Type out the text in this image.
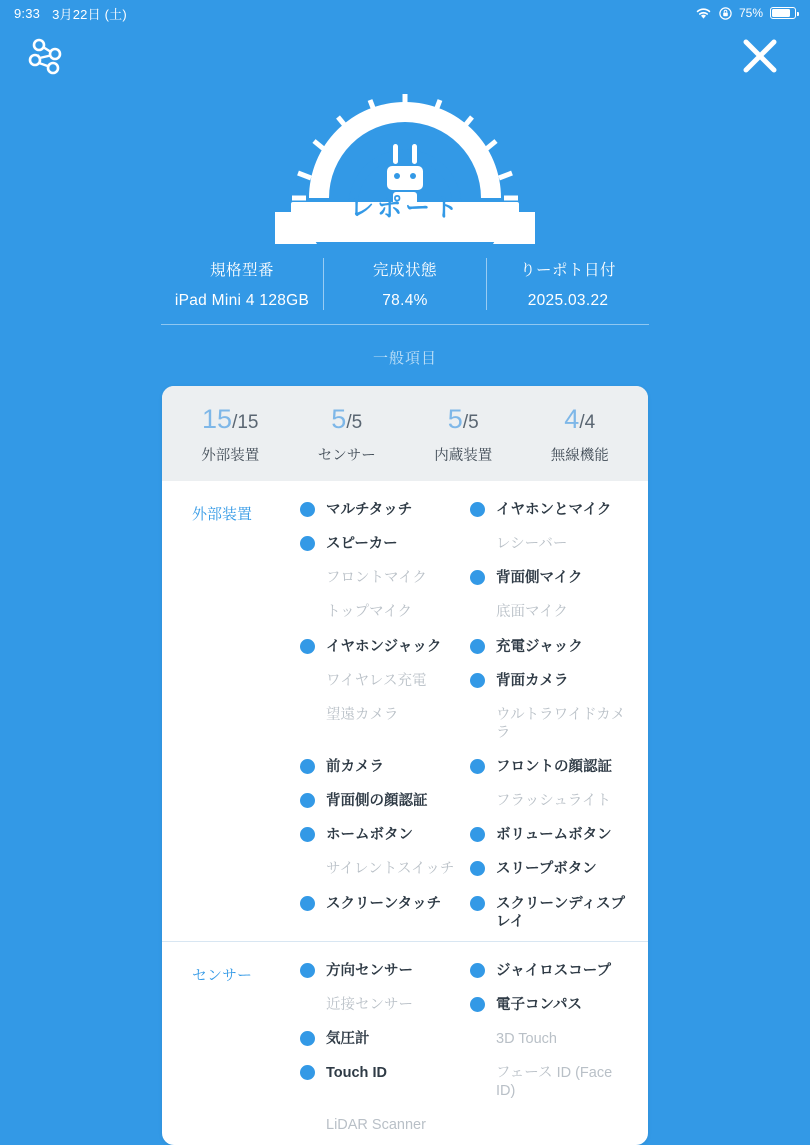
9:33 3月22日 (土)	75%
レポート
規格型番
iPad Mini 4 128GB
完成状態
78.4%
りーポト日付
2025.03.22
一般項目
15/15
外部装置
5/5
センサー
5/5
内蔵装置
4/4
無線機能
外部装置	マルチタッチ	イヤホンとマイク
スピーカー	レシーバー
フロントマイク	背面側マイク
トップマイク	底面マイク
イヤホンジャック	充電ジャック
ワイヤレス充電	背面カメラ
望遠カメラ	ウルトラワイドカメラ
前カメラ	フロントの顔認証
背面側の顔認証	フラッシュライト
ホームボタン	ボリュームボタン
サイレントスイッチ	スリープボタン
スクリーンタッチ	スクリーンディスプレイ
センサー	方向センサー	ジャイロスコープ
近接センサー	電子コンパス
気圧計	3D Touch
Touch ID	フェース ID (Face ID)
LiDAR Scanner
